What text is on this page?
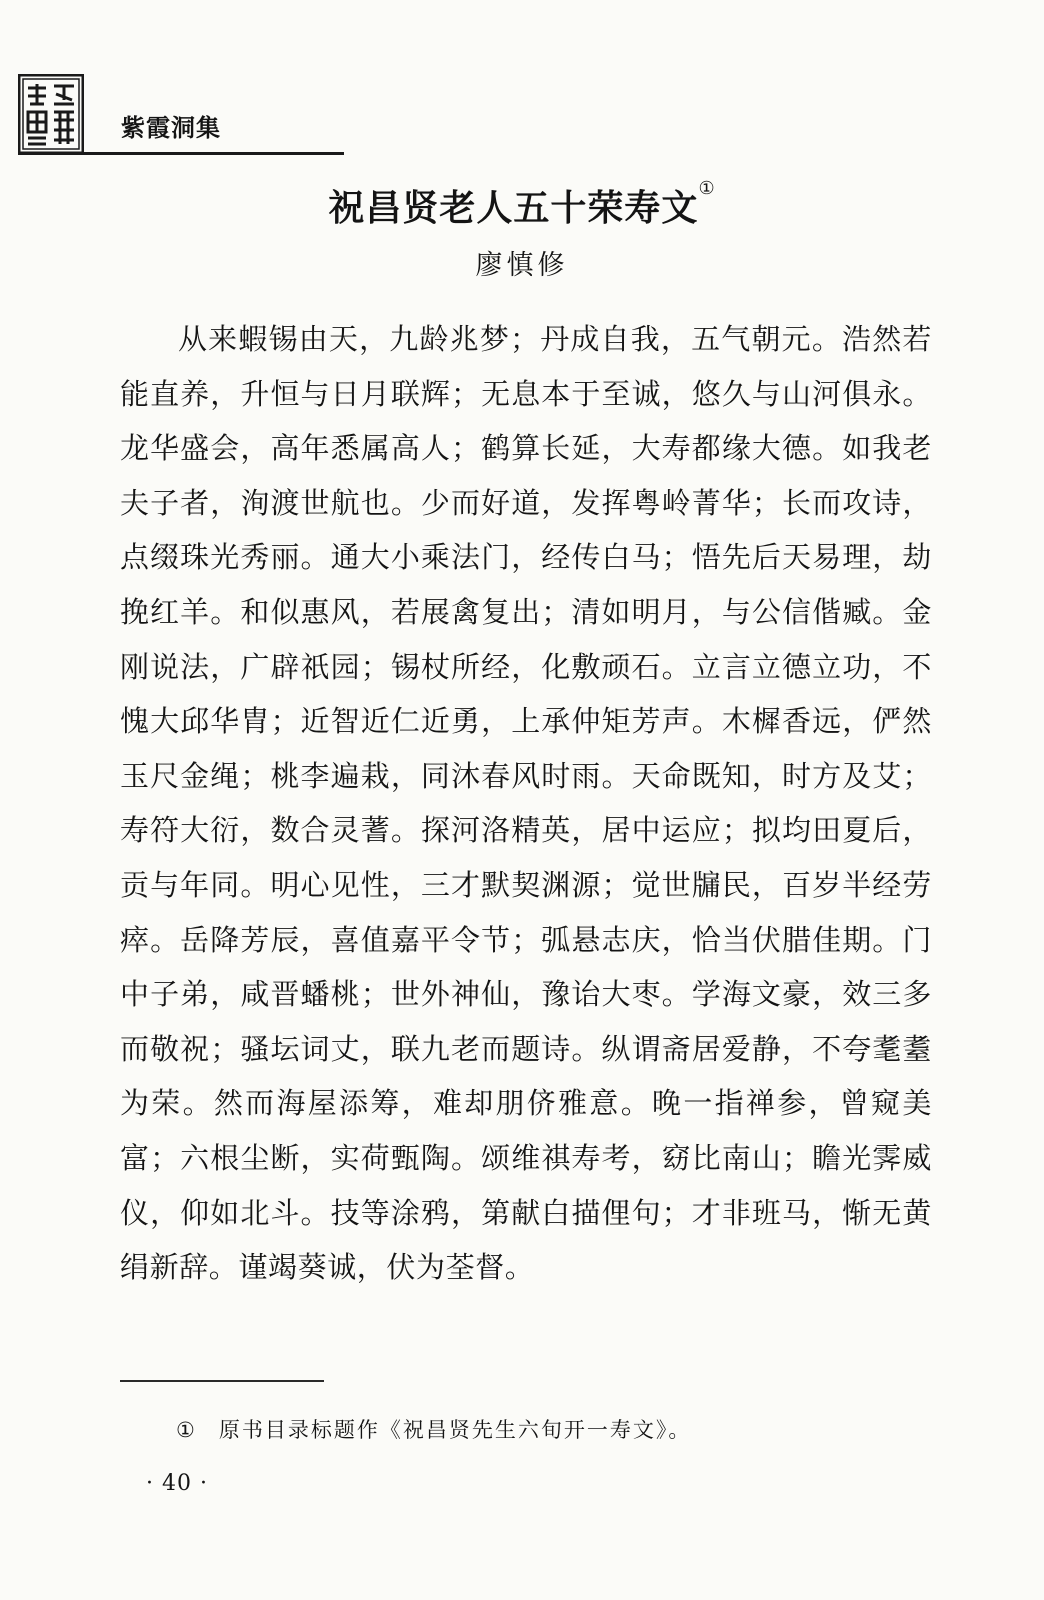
紫霞洞集
祝昌贤老人五十荣寿文①
廖慎修
从来蝦锡由天，九龄兆梦；丹成自我，五气朝元。浩然若
能直养，升恒与日月联辉；无息本于至诚，悠久与山河俱永。
龙华盛会，高年悉属高人；鹤算长延，大寿都缘大德。如我老
夫子者，洵渡世航也。少而好道，发挥粤岭菁华；长而攻诗，
点缀珠光秀丽。通大小乘法门，经传白马；悟先后天易理，劫
挽红羊。和似惠风，若展禽复出；清如明月，与公信偕臧。金
刚说法，广辟祇园；锡杖所经，化敷顽石。立言立德立功，不
愧大邱华胄；近智近仁近勇，上承仲矩芳声。木樨香远，俨然
玉尺金绳；桃李遍栽，同沐春风时雨。天命既知，时方及艾；
寿符大衍，数合灵蓍。探河洛精英，居中运应；拟均田夏后，
贡与年同。明心见性，三才默契渊源；觉世牖民，百岁半经劳
瘁。岳降芳辰，喜值嘉平令节；弧悬志庆，恰当伏腊佳期。门
中子弟，咸晋蟠桃；世外神仙，豫诒大枣。学海文豪，效三多
而敬祝；骚坛词丈，联九老而题诗。纵谓斋居爱静，不夸耄耋
为荣。然而海屋添筹，难却朋侪雅意。晚一指禅参，曾窥美
富；六根尘断，实荷甄陶。颂维祺寿考，窈比南山；瞻光霁威
仪，仰如北斗。技等涂鸦，第献白描俚句；才非班马，惭无黄
绢新辞。谨竭葵诚，伏为荃督。
① 原书目录标题作《祝昌贤先生六旬开一寿文》。
· 40 ·
